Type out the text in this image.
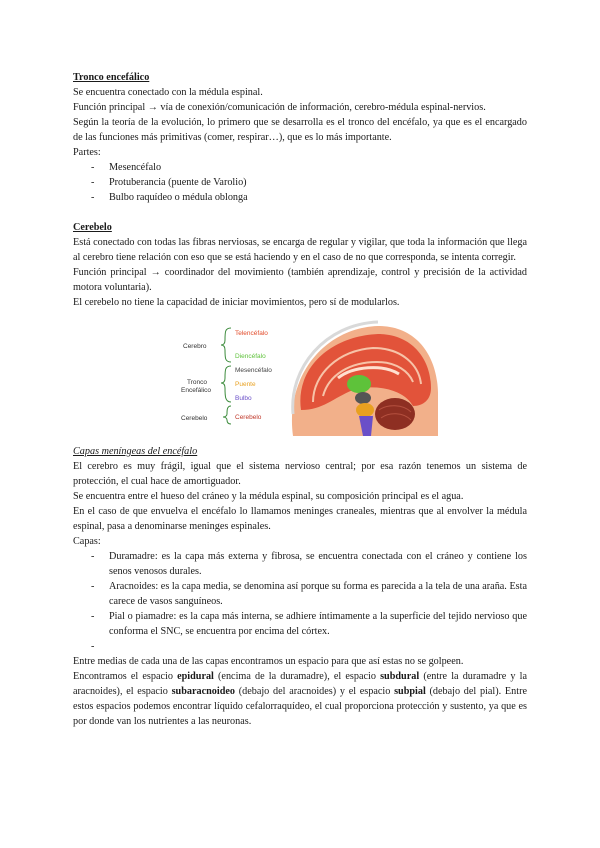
Tronco encefálico

Se encuentra conectado con la médula espinal.

Función principal → vía de conexión/comunicación de información, cerebro-médula espinal-nervios.

Según la teoría de la evolución, lo primero que se desarrolla es el tronco del encéfalo, ya que es el encargado de las funciones más primitivas (comer, respirar…), que es lo más importante.

Partes:

- Mesencéfalo
- Protuberancia (puente de Varolio)
- Bulbo raquídeo o médula oblonga

Cerebelo

Está conectado con todas las fibras nerviosas, se encarga de regular y vigilar, que toda la información que llega al cerebro tiene relación con eso que se está haciendo y en el caso de no que corresponda, se intenta corregir.

Función principal → coordinador del movimiento (también aprendizaje, control y precisión de la actividad motora voluntaria).

El cerebelo no tiene la capacidad de iniciar movimientos, pero sí de modularlos.

Cerebro
Tronco
Encefálico
Cerebelo
Telencéfalo
Diencéfalo
Mesencéfalo
Puente
Bulbo
Cerebelo

Capas meníngeas del encéfalo

El cerebro es muy frágil, igual que el sistema nervioso central; por esa razón tenemos un sistema de protección, el cual hace de amortiguador.

Se encuentra entre el hueso del cráneo y la médula espinal, su composición principal es el agua.

En el caso de que envuelva el encéfalo lo llamamos meninges craneales, mientras que al envolver la médula espinal, pasa a denominarse meninges espinales.

Capas:

- Duramadre: es la capa más externa y fibrosa, se encuentra conectada con el cráneo y contiene los senos venosos durales.
- Aracnoides: es la capa media, se denomina así porque su forma es parecida a la tela de una araña. Esta carece de vasos sanguíneos.
- Pial o piamadre: es la capa más interna, se adhiere íntimamente a la superficie del tejido nervioso que conforma el SNC, se encuentra por encima del córtex.
-

Entre medias de cada una de las capas encontramos un espacio para que así estas no se golpeen.

Encontramos el espacio epidural (encima de la duramadre), el espacio subdural (entre la duramadre y la aracnoides), el espacio subaracnoideo (debajo del aracnoides) y el espacio subpial (debajo del pial). Entre estos espacios podemos encontrar líquido cefalorraquídeo, el cual proporciona protección y sustento, ya que es por donde van los nutrientes a las neuronas.
